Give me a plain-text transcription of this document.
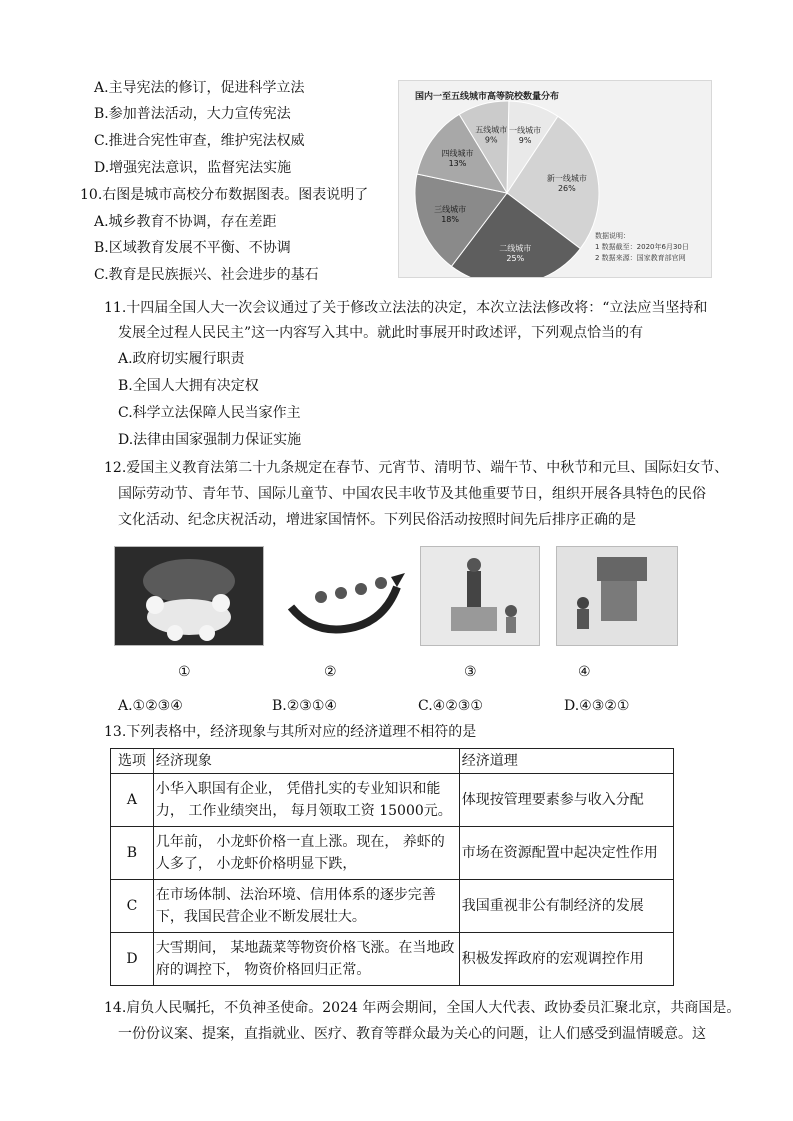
A.主导宪法的修订，促进科学立法
B.参加普法活动，大力宣传宪法
C.推进合宪性审查，维护宪法权威
D.增强宪法意识，监督宪法实施
10.右图是城市高校分布数据图表。图表说明了
A.城乡教育不协调，存在差距
B.区域教育发展不平衡、不协调
C.教育是民族振兴、社会进步的基石
国内一至五线城市高等院校数量分布
一线城市
9%
新一线城市
26%
二线城市
25%
三线城市
18%
四线城市
13%
五线城市
9%
数据说明：
1 数据截至：2020年6月30日
2 数据来源：国家教育部官网
11.十四届全国人大一次会议通过了关于修改立法法的决定，本次立法法修改将：“立法应当坚持和
发展全过程人民民主”这一内容写入其中。就此时事展开时政述评，下列观点恰当的有
A.政府切实履行职责
B.全国人大拥有决定权
C.科学立法保障人民当家作主
D.法律由国家强制力保证实施
12.爱国主义教育法第二十九条规定在春节、元宵节、清明节、端午节、中秋节和元旦、国际妇女节、
国际劳动节、青年节、国际儿童节、中国农民丰收节及其他重要节日，组织开展各具特色的民俗
文化活动、纪念庆祝活动，增进家国情怀。下列民俗活动按照时间先后排序正确的是
①	②	③	④
A.①②③④	B.②③①④	C.④②③①	D.④③②①
13.下列表格中，经济现象与其所对应的经济道理不相符的是
选项	经济现象	经济道理
A	小华入职国有企业， 凭借扎实的专业知识和能力， 工作业绩突出， 每月领取工资 15000元。	体现按管理要素参与收入分配
B	几年前， 小龙虾价格一直上涨。现在， 养虾的人多了， 小龙虾价格明显下跌，	市场在资源配置中起决定性作用
C	在市场体制、法治环境、信用体系的逐步完善下，我国民营企业不断发展壮大。	我国重视非公有制经济的发展
D	大雪期间， 某地蔬菜等物资价格飞涨。在当地政府的调控下， 物资价格回归正常。	积极发挥政府的宏观调控作用
14.肩负人民嘱托，不负神圣使命。2024 年两会期间，全国人大代表、政协委员汇聚北京，共商国是。
一份份议案、提案，直指就业、医疗、教育等群众最为关心的问题，让人们感受到温情暖意。这
